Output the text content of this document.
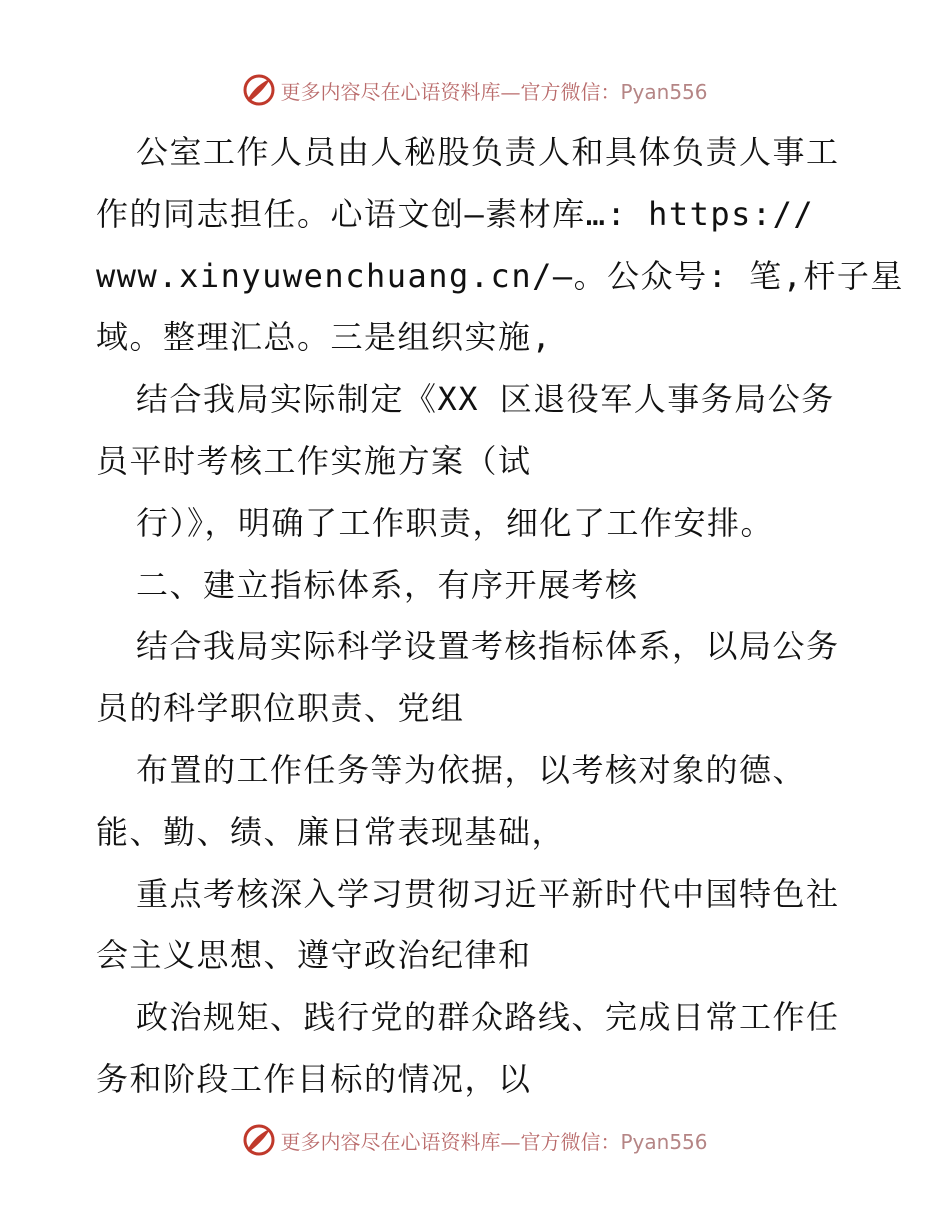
更多内容尽在心语资料库—官方微信：Pyan556
公室工作人员由人秘股负责人和具体负责人事工
作的同志担任。心语文创—素材库…: https://
www.xinyuwenchuang.cn/—。公众号: 笔,杆子星
域。整理汇总。三是组织实施,
结合我局实际制定《XX 区退役军人事务局公务
员平时考核工作实施方案（试
行）》，明确了工作职责，细化了工作安排。
二、建立指标体系，有序开展考核
结合我局实际科学设置考核指标体系，以局公务
员的科学职位职责、党组
布置的工作任务等为依据，以考核对象的德、
能、勤、绩、廉日常表现基础，
重点考核深入学习贯彻习近平新时代中国特色社
会主义思想、遵守政治纪律和
政治规矩、践行党的群众路线、完成日常工作任
务和阶段工作目标的情况，以
更多内容尽在心语资料库—官方微信：Pyan556
